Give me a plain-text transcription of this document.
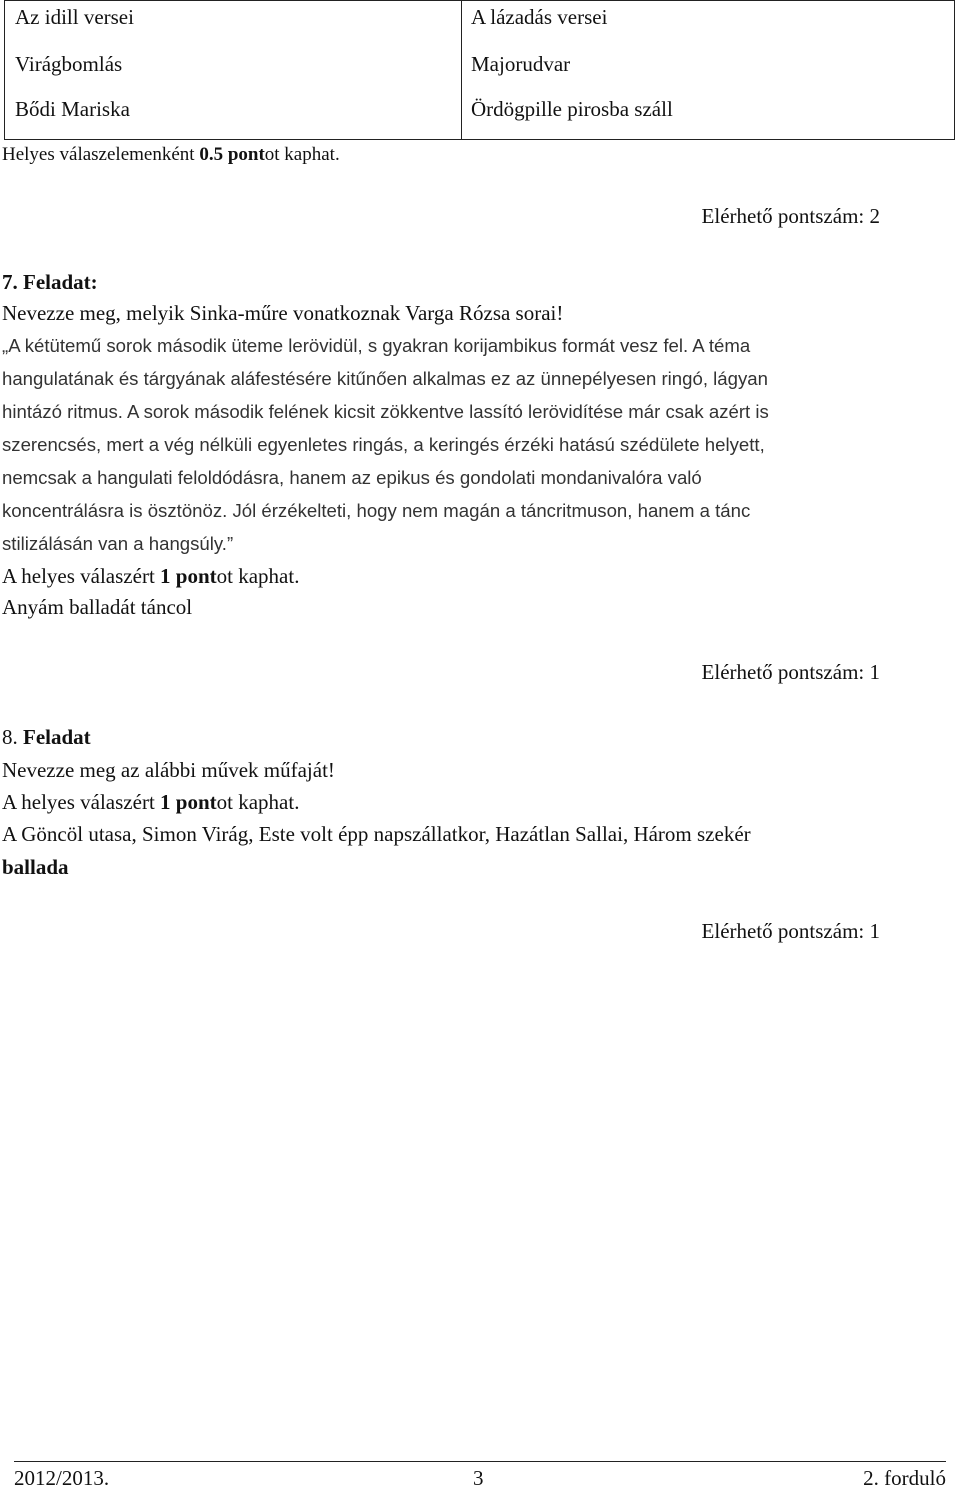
Az idill versei
Virágbomlás
Bődi Mariska
A lázadás versei
Majorudvar
Ördögpille pirosba száll
Helyes válaszelemenként 0.5 pontot kaphat.
Elérhető pontszám: 2
7. Feladat:
Nevezze meg, melyik Sinka-műre vonatkoznak Varga Rózsa sorai!
„A kétütemű sorok második üteme lerövidül, s gyakran korijambikus formát vesz fel. A téma
hangulatának és tárgyának aláfestésére kitűnően alkalmas ez az ünnepélyesen ringó, lágyan
hintázó ritmus. A sorok második felének kicsit zökkentve lassító lerövidítése már csak azért is
szerencsés, mert a vég nélküli egyenletes ringás, a keringés érzéki hatású szédülete helyett,
nemcsak a hangulati feloldódásra, hanem az epikus és gondolati mondanivalóra való
koncentrálásra is ösztönöz. Jól érzékelteti, hogy nem magán a táncritmuson, hanem a tánc
stilizálásán van a hangsúly.”
A helyes válaszért 1 pontot kaphat.
Anyám balladát táncol
Elérhető pontszám: 1
8. Feladat
Nevezze meg az alábbi művek műfaját!
A helyes válaszért 1 pontot kaphat.
A Göncöl utasa, Simon Virág, Este volt épp napszállatkor, Hazátlan Sallai, Három szekér
ballada
Elérhető pontszám: 1
2012/2013.	3	2. forduló
